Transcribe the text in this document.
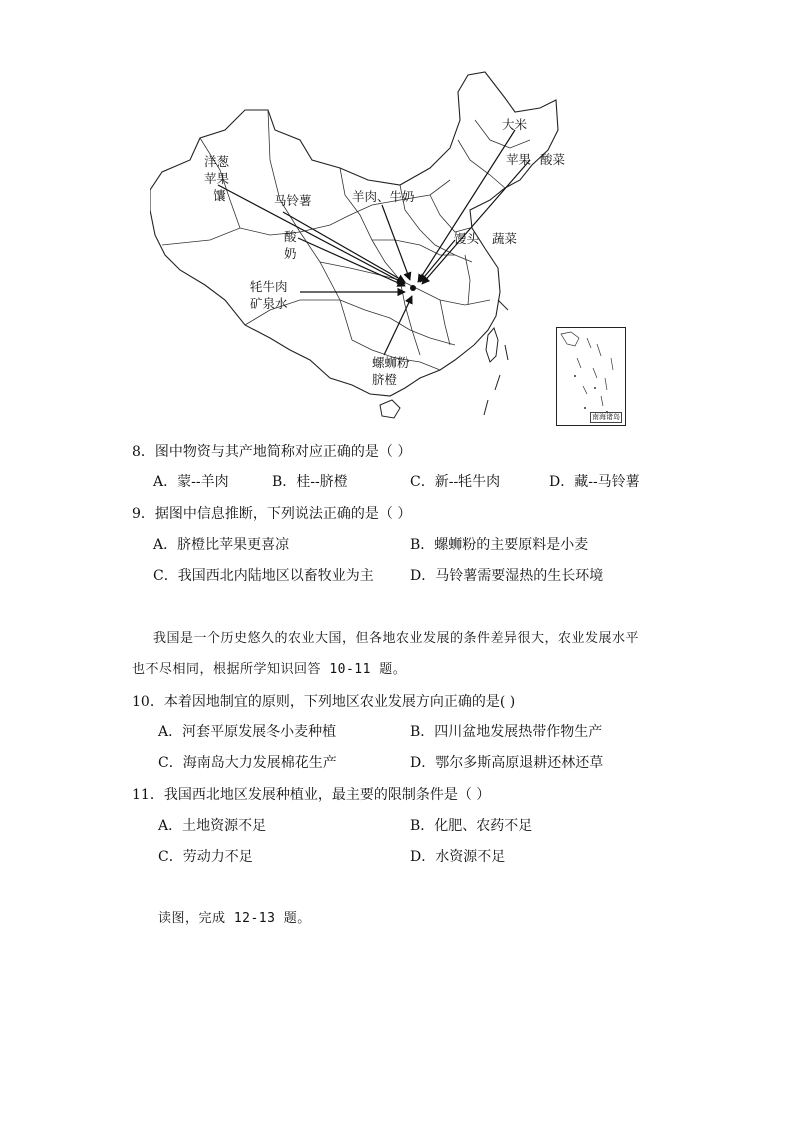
洋葱
苹果
馕	马铃薯	羊肉、牛奶
大米
苹果 酸菜
酸
奶
馒头 蔬菜
牦牛肉
矿泉水
螺蛳粉
脐橙
南海诸岛
8．图中物资与其产地简称对应正确的是（ ）
A．蒙--羊肉	B．桂--脐橙	C．新--牦牛肉	D．藏--马铃薯
9．据图中信息推断，下列说法正确的是（ ）
A．脐橙比苹果更喜凉	B．螺蛳粉的主要原料是小麦
C．我国西北内陆地区以畜牧业为主	D．马铃薯需要湿热的生长环境
我国是一个历史悠久的农业大国，但各地农业发展的条件差异很大，农业发展水平
也不尽相同，根据所学知识回答 10-11 题。
10．本着因地制宜的原则，下列地区农业发展方向正确的是( )
A．河套平原发展冬小麦种植	B．四川盆地发展热带作物生产
C．海南岛大力发展棉花生产	D．鄂尔多斯高原退耕还林还草
11．我国西北地区发展种植业，最主要的限制条件是（ ）
A．土地资源不足	B．化肥、农药不足
C．劳动力不足	D．水资源不足
读图，完成 12-13 题。
